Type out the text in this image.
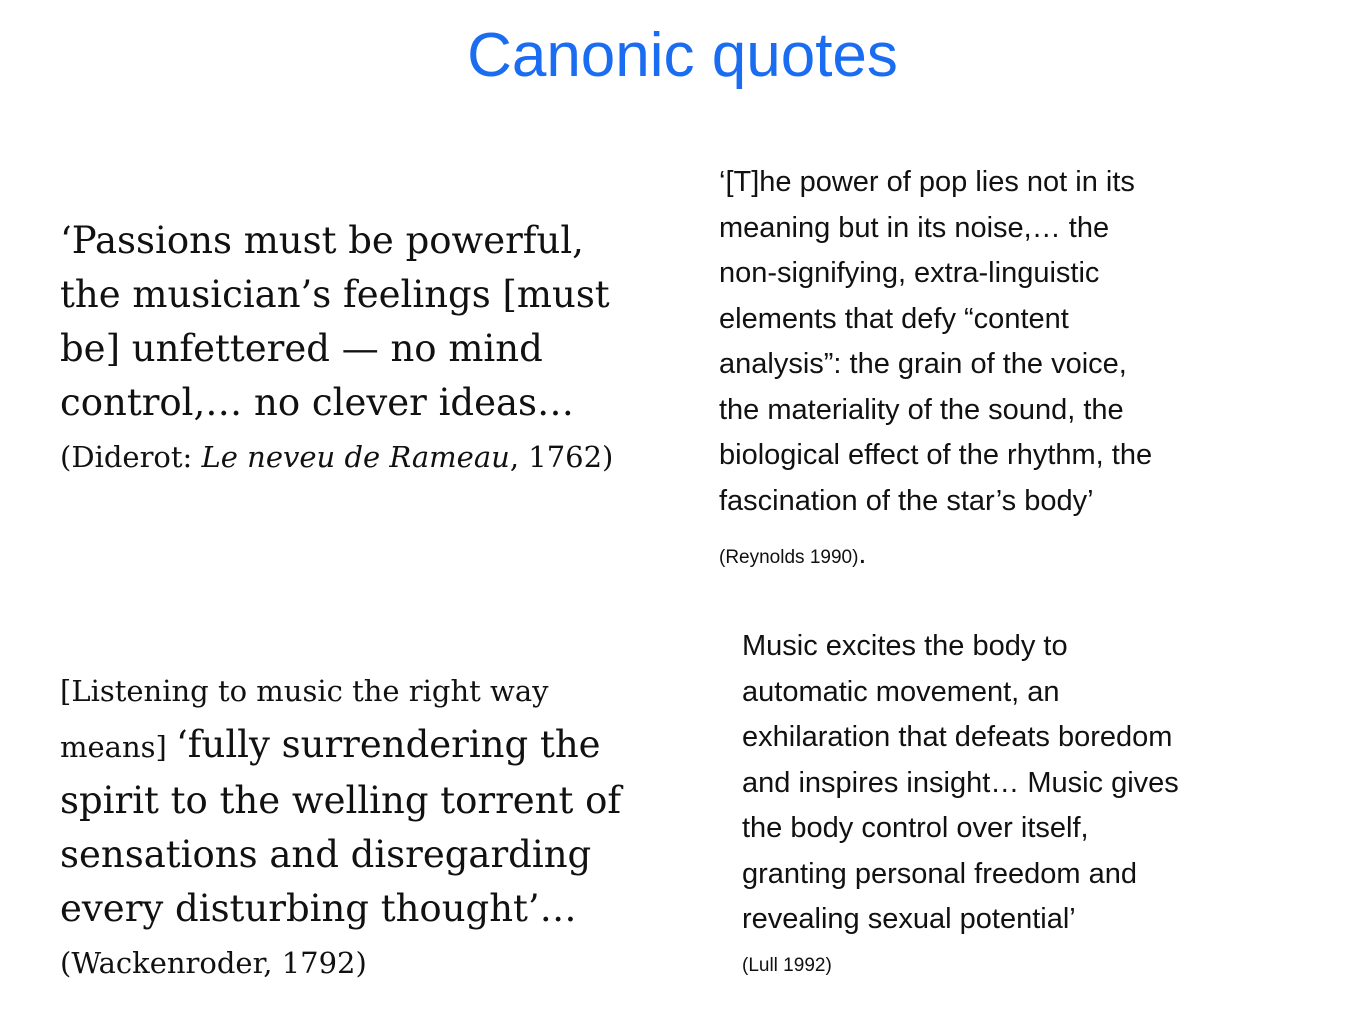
Canonic quotes
‘Passions must be powerful,
the musician’s feelings [must
be] unfettered — no mind
control,… no clever ideas…
(Diderot: Le neveu de Rameau, 1762)
‘[T]he power of pop lies not in its
meaning but in its noise,… the
non-signifying, extra-linguistic
elements that defy “content
analysis”: the grain of the voice,
the materiality of the sound, the
biological effect of the rhythm, the
fascination of the star’s body’
(Reynolds 1990).
[Listening to music the right way
means] ‘fully surrendering the
spirit to the welling torrent of
sensations and disregarding
every disturbing thought’…
(Wackenroder, 1792)
Music excites the body to
automatic movement, an
exhilaration that defeats boredom
and inspires insight… Music gives
the body control over itself,
granting personal freedom and
revealing sexual potential’
(Lull 1992)
